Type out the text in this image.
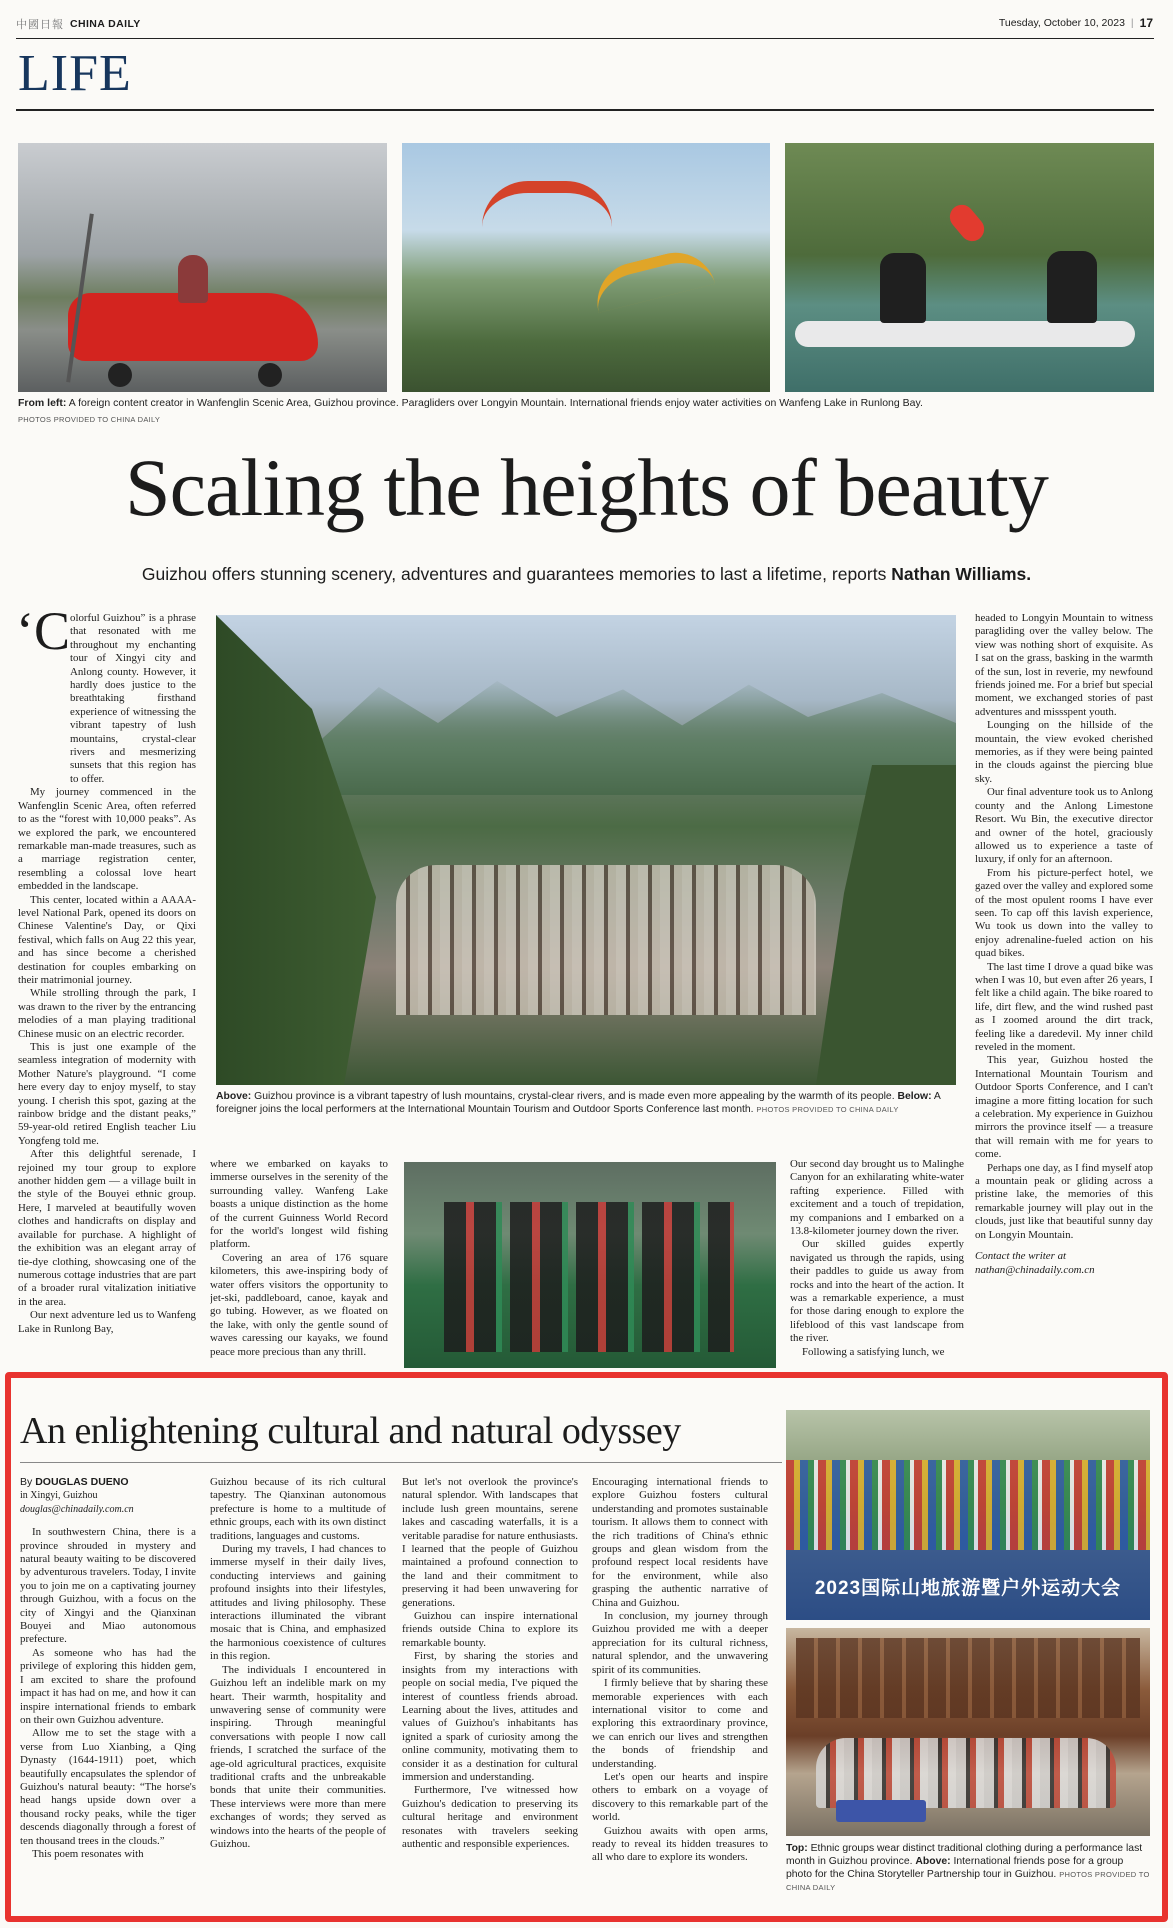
中國日報 CHINA DAILY	Tuesday, October 10, 2023 | 17
LIFE
From left: A foreign content creator in Wanfenglin Scenic Area, Guizhou province. Paragliders over Longyin Mountain. International friends enjoy water activities on Wanfeng Lake in Runlong Bay.
PHOTOS PROVIDED TO CHINA DAILY
Scaling the heights of beauty
Guizhou offers stunning scenery, adventures and guarantees memories to last a lifetime, reports Nathan Williams.
‘C olorful Guizhou” is a phrase that resonated with me throughout my enchanting tour of Xingyi city and Anlong county. However, it hardly does justice to the breathtaking firsthand experience of witnessing the vibrant tapestry of lush mountains, crystal-clear rivers and mesmerizing sunsets that this region has to offer.

My journey commenced in the Wanfenglin Scenic Area, often referred to as the “forest with 10,000 peaks”. As we explored the park, we encountered remarkable man-made treasures, such as a marriage registration center, resembling a colossal love heart embedded in the landscape.

This center, located within a AAAA-level National Park, opened its doors on Chinese Valentine's Day, or Qixi festival, which falls on Aug 22 this year, and has since become a cherished destination for couples embarking on their matrimonial journey.

While strolling through the park, I was drawn to the river by the entrancing melodies of a man playing traditional Chinese music on an electric recorder.

This is just one example of the seamless integration of modernity with Mother Nature's playground. “I come here every day to enjoy myself, to stay young. I cherish this spot, gazing at the rainbow bridge and the distant peaks,” 59-year-old retired English teacher Liu Yongfeng told me.

After this delightful serenade, I rejoined my tour group to explore another hidden gem — a village built in the style of the Bouyei ethnic group. Here, I marveled at beautifully woven clothes and handicrafts on display and available for purchase. A highlight of the exhibition was an elegant array of tie-dye clothing, showcasing one of the numerous cottage industries that are part of a broader rural vitalization initiative in the area.

Our next adventure led us to Wanfeng Lake in Runlong Bay,

Above: Guizhou province is a vibrant tapestry of lush mountains, crystal-clear rivers, and is made even more appealing by the warmth of its people. Below: A foreigner joins the local performers at the International Mountain Tourism and Outdoor Sports Conference last month. PHOTOS PROVIDED TO CHINA DAILY

where we embarked on kayaks to immerse ourselves in the serenity of the surrounding valley. Wanfeng Lake boasts a unique distinction as the home of the current Guinness World Record for the world's longest wild fishing platform.

Covering an area of 176 square kilometers, this awe-inspiring body of water offers visitors the opportunity to jet-ski, paddleboard, canoe, kayak and go tubing. However, as we floated on the lake, with only the gentle sound of waves caressing our kayaks, we found peace more precious than any thrill.

Our second day brought us to Malinghe Canyon for an exhilarating white-water rafting experience. Filled with excitement and a touch of trepidation, my companions and I embarked on a 13.8-kilometer journey down the river.

Our skilled guides expertly navigated us through the rapids, using their paddles to guide us away from rocks and into the heart of the action. It was a remarkable experience, a must for those daring enough to explore the lifeblood of this vast landscape from the river.

Following a satisfying lunch, we

headed to Longyin Mountain to witness paragliding over the valley below. The view was nothing short of exquisite. As I sat on the grass, basking in the warmth of the sun, lost in reverie, my newfound friends joined me. For a brief but special moment, we exchanged stories of past adventures and missspent youth.

Lounging on the hillside of the mountain, the view evoked cherished memories, as if they were being painted in the clouds against the piercing blue sky.

Our final adventure took us to Anlong county and the Anlong Limestone Resort. Wu Bin, the executive director and owner of the hotel, graciously allowed us to experience a taste of luxury, if only for an afternoon.

From his picture-perfect hotel, we gazed over the valley and explored some of the most opulent rooms I have ever seen. To cap off this lavish experience, Wu took us down into the valley to enjoy adrenaline-fueled action on his quad bikes.

The last time I drove a quad bike was when I was 10, but even after 26 years, I felt like a child again. The bike roared to life, dirt flew, and the wind rushed past as I zoomed around the dirt track, feeling like a daredevil. My inner child reveled in the moment.

This year, Guizhou hosted the International Mountain Tourism and Outdoor Sports Conference, and I can't imagine a more fitting location for such a celebration. My experience in Guizhou mirrors the province itself — a treasure that will remain with me for years to come.

Perhaps one day, as I find myself atop a mountain peak or gliding across a pristine lake, the memories of this remarkable journey will play out in the clouds, just like that beautiful sunny day on Longyin Mountain.

Contact the writer at
nathan@chinadaily.com.cn

An enlightening cultural and natural odyssey

By DOUGLAS DUENO

in Xingyi, Guizhou

douglas@chinadaily.com.cn

In southwestern China, there is a province shrouded in mystery and natural beauty waiting to be discovered by adventurous travelers. Today, I invite you to join me on a captivating journey through Guizhou, with a focus on the city of Xingyi and the Qianxinan Bouyei and Miao autonomous prefecture.

As someone who has had the privilege of exploring this hidden gem, I am excited to share the profound impact it has had on me, and how it can inspire international friends to embark on their own Guizhou adventure.

Allow me to set the stage with a verse from Luo Xianbing, a Qing Dynasty (1644-1911) poet, which beautifully encapsulates the splendor of Guizhou's natural beauty: “The horse's head hangs upside down over a thousand rocky peaks, while the tiger descends diagonally through a forest of ten thousand trees in the clouds.”

This poem resonates with

Guizhou because of its rich cultural tapestry. The Qianxinan autonomous prefecture is home to a multitude of ethnic groups, each with its own distinct traditions, languages and customs.

During my travels, I had chances to immerse myself in their daily lives, conducting interviews and gaining profound insights into their lifestyles, attitudes and living philosophy. These interactions illuminated the vibrant mosaic that is China, and emphasized the harmonious coexistence of cultures in this region.

The individuals I encountered in Guizhou left an indelible mark on my heart. Their warmth, hospitality and unwavering sense of community were inspiring. Through meaningful conversations with people I now call friends, I scratched the surface of the age-old agricultural practices, exquisite traditional crafts and the unbreakable bonds that unite their communities. These interviews were more than mere exchanges of words; they served as windows into the hearts of the people of Guizhou.

But let's not overlook the province's natural splendor. With landscapes that include lush green mountains, serene lakes and cascading waterfalls, it is a veritable paradise for nature enthusiasts. I learned that the people of Guizhou maintained a profound connection to the land and their commitment to preserving it had been unwavering for generations.

Guizhou can inspire international friends outside China to explore its remarkable bounty.

First, by sharing the stories and insights from my interactions with people on social media, I've piqued the interest of countless friends abroad. Learning about the lives, attitudes and values of Guizhou's inhabitants has ignited a spark of curiosity among the online community, motivating them to consider it as a destination for cultural immersion and understanding.

Furthermore, I've witnessed how Guizhou's dedication to preserving its cultural heritage and environment resonates with travelers seeking authentic and responsible experiences.

Encouraging international friends to explore Guizhou fosters cultural understanding and promotes sustainable tourism. It allows them to connect with the rich traditions of China's ethnic groups and glean wisdom from the profound respect local residents have for the environment, while also grasping the authentic narrative of China and Guizhou.

In conclusion, my journey through Guizhou provided me with a deeper appreciation for its cultural richness, natural splendor, and the unwavering spirit of its communities.

I firmly believe that by sharing these memorable experiences with each international visitor to come and exploring this extraordinary province, we can enrich our lives and strengthen the bonds of friendship and understanding.

Let's open our hearts and inspire others to embark on a voyage of discovery to this remarkable part of the world.

Guizhou awaits with open arms, ready to reveal its hidden treasures to all who dare to explore its wonders.

2023国际山地旅游暨户外运动大会
Top: Ethnic groups wear distinct traditional clothing during a performance last month in Guizhou province. Above: International friends pose for a group photo for the China Storyteller Partnership tour in Guizhou. PHOTOS PROVIDED TO CHINA DAILY
